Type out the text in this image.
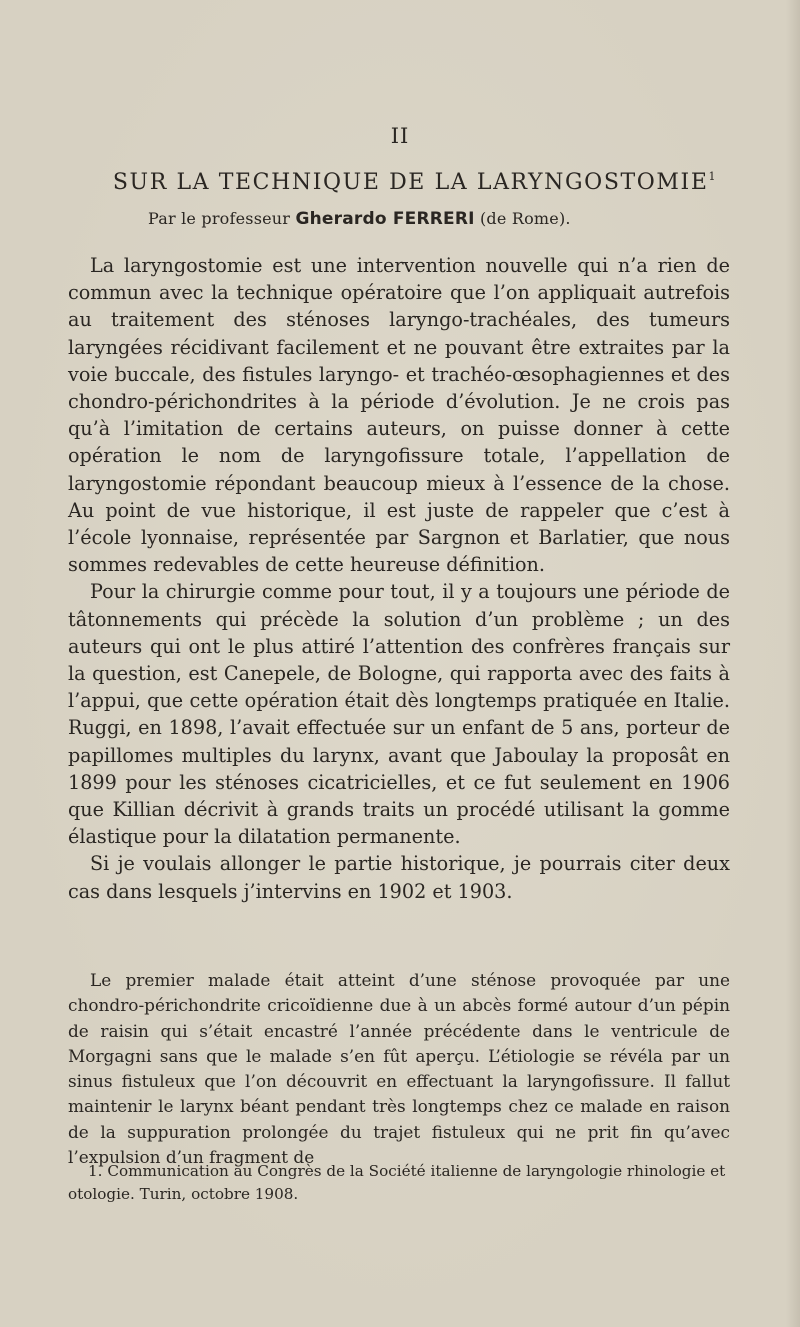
II
SUR LA TECHNIQUE DE LA LARYNGOSTOMIE$^1$
Par le professeur Gherardo FERRERI (de Rome).

La laryngostomie est une intervention nouvelle qui n’a rien de commun avec la technique opératoire que l’on appliquait autrefois au traitement des sténoses laryngo-trachéales, des tumeurs laryngées récidivant facilement et ne pouvant être extraites par la voie buccale, des fistules laryngo- et trachéo-œsophagiennes et des chondro-périchondrites à la période d’évolution. Je ne crois pas qu’à l’imitation de certains auteurs, on puisse donner à cette opération le nom de laryngofissure totale, l’appellation de laryngostomie répondant beaucoup mieux à l’essence de la chose. Au point de vue historique, il est juste de rappeler que c’est à l’école lyonnaise, représentée par Sargnon et Barlatier, que nous sommes redevables de cette heureuse définition.

Pour la chirurgie comme pour tout, il y a toujours une période de tâtonnements qui précède la solution d’un problème ; un des auteurs qui ont le plus attiré l’attention des confrères français sur la question, est Canepele, de Bologne, qui rapporta avec des faits à l’appui, que cette opération était dès longtemps pratiquée en Italie. Ruggi, en 1898, l’avait effectuée sur un enfant de 5 ans, porteur de papillomes multiples du larynx, avant que Jaboulay la proposât en 1899 pour les sténoses cicatricielles, et ce fut seulement en 1906 que Killian décrivit à grands traits un procédé utilisant la gomme élastique pour la dilatation permanente.

Si je voulais allonger le partie historique, je pourrais citer deux cas dans lesquels j’intervins en 1902 et 1903.

Le premier malade était atteint d’une sténose provoquée par une chondro-périchondrite cricoïdienne due à un abcès formé autour d’un pépin de raisin qui s’était encastré l’année précédente dans le ventricule de Morgagni sans que le malade s’en fût aperçu. L’étiologie se révéla par un sinus fistuleux que l’on découvrit en effectuant la laryngofissure. Il fallut maintenir le larynx béant pendant très longtemps chez ce malade en raison de la suppuration prolongée du trajet fistuleux qui ne prit fin qu’avec l’expulsion d’un fragment de

1. Communication au Congrès de la Société italienne de laryngologie rhinologie et otologie. Turin, octobre 1908.
